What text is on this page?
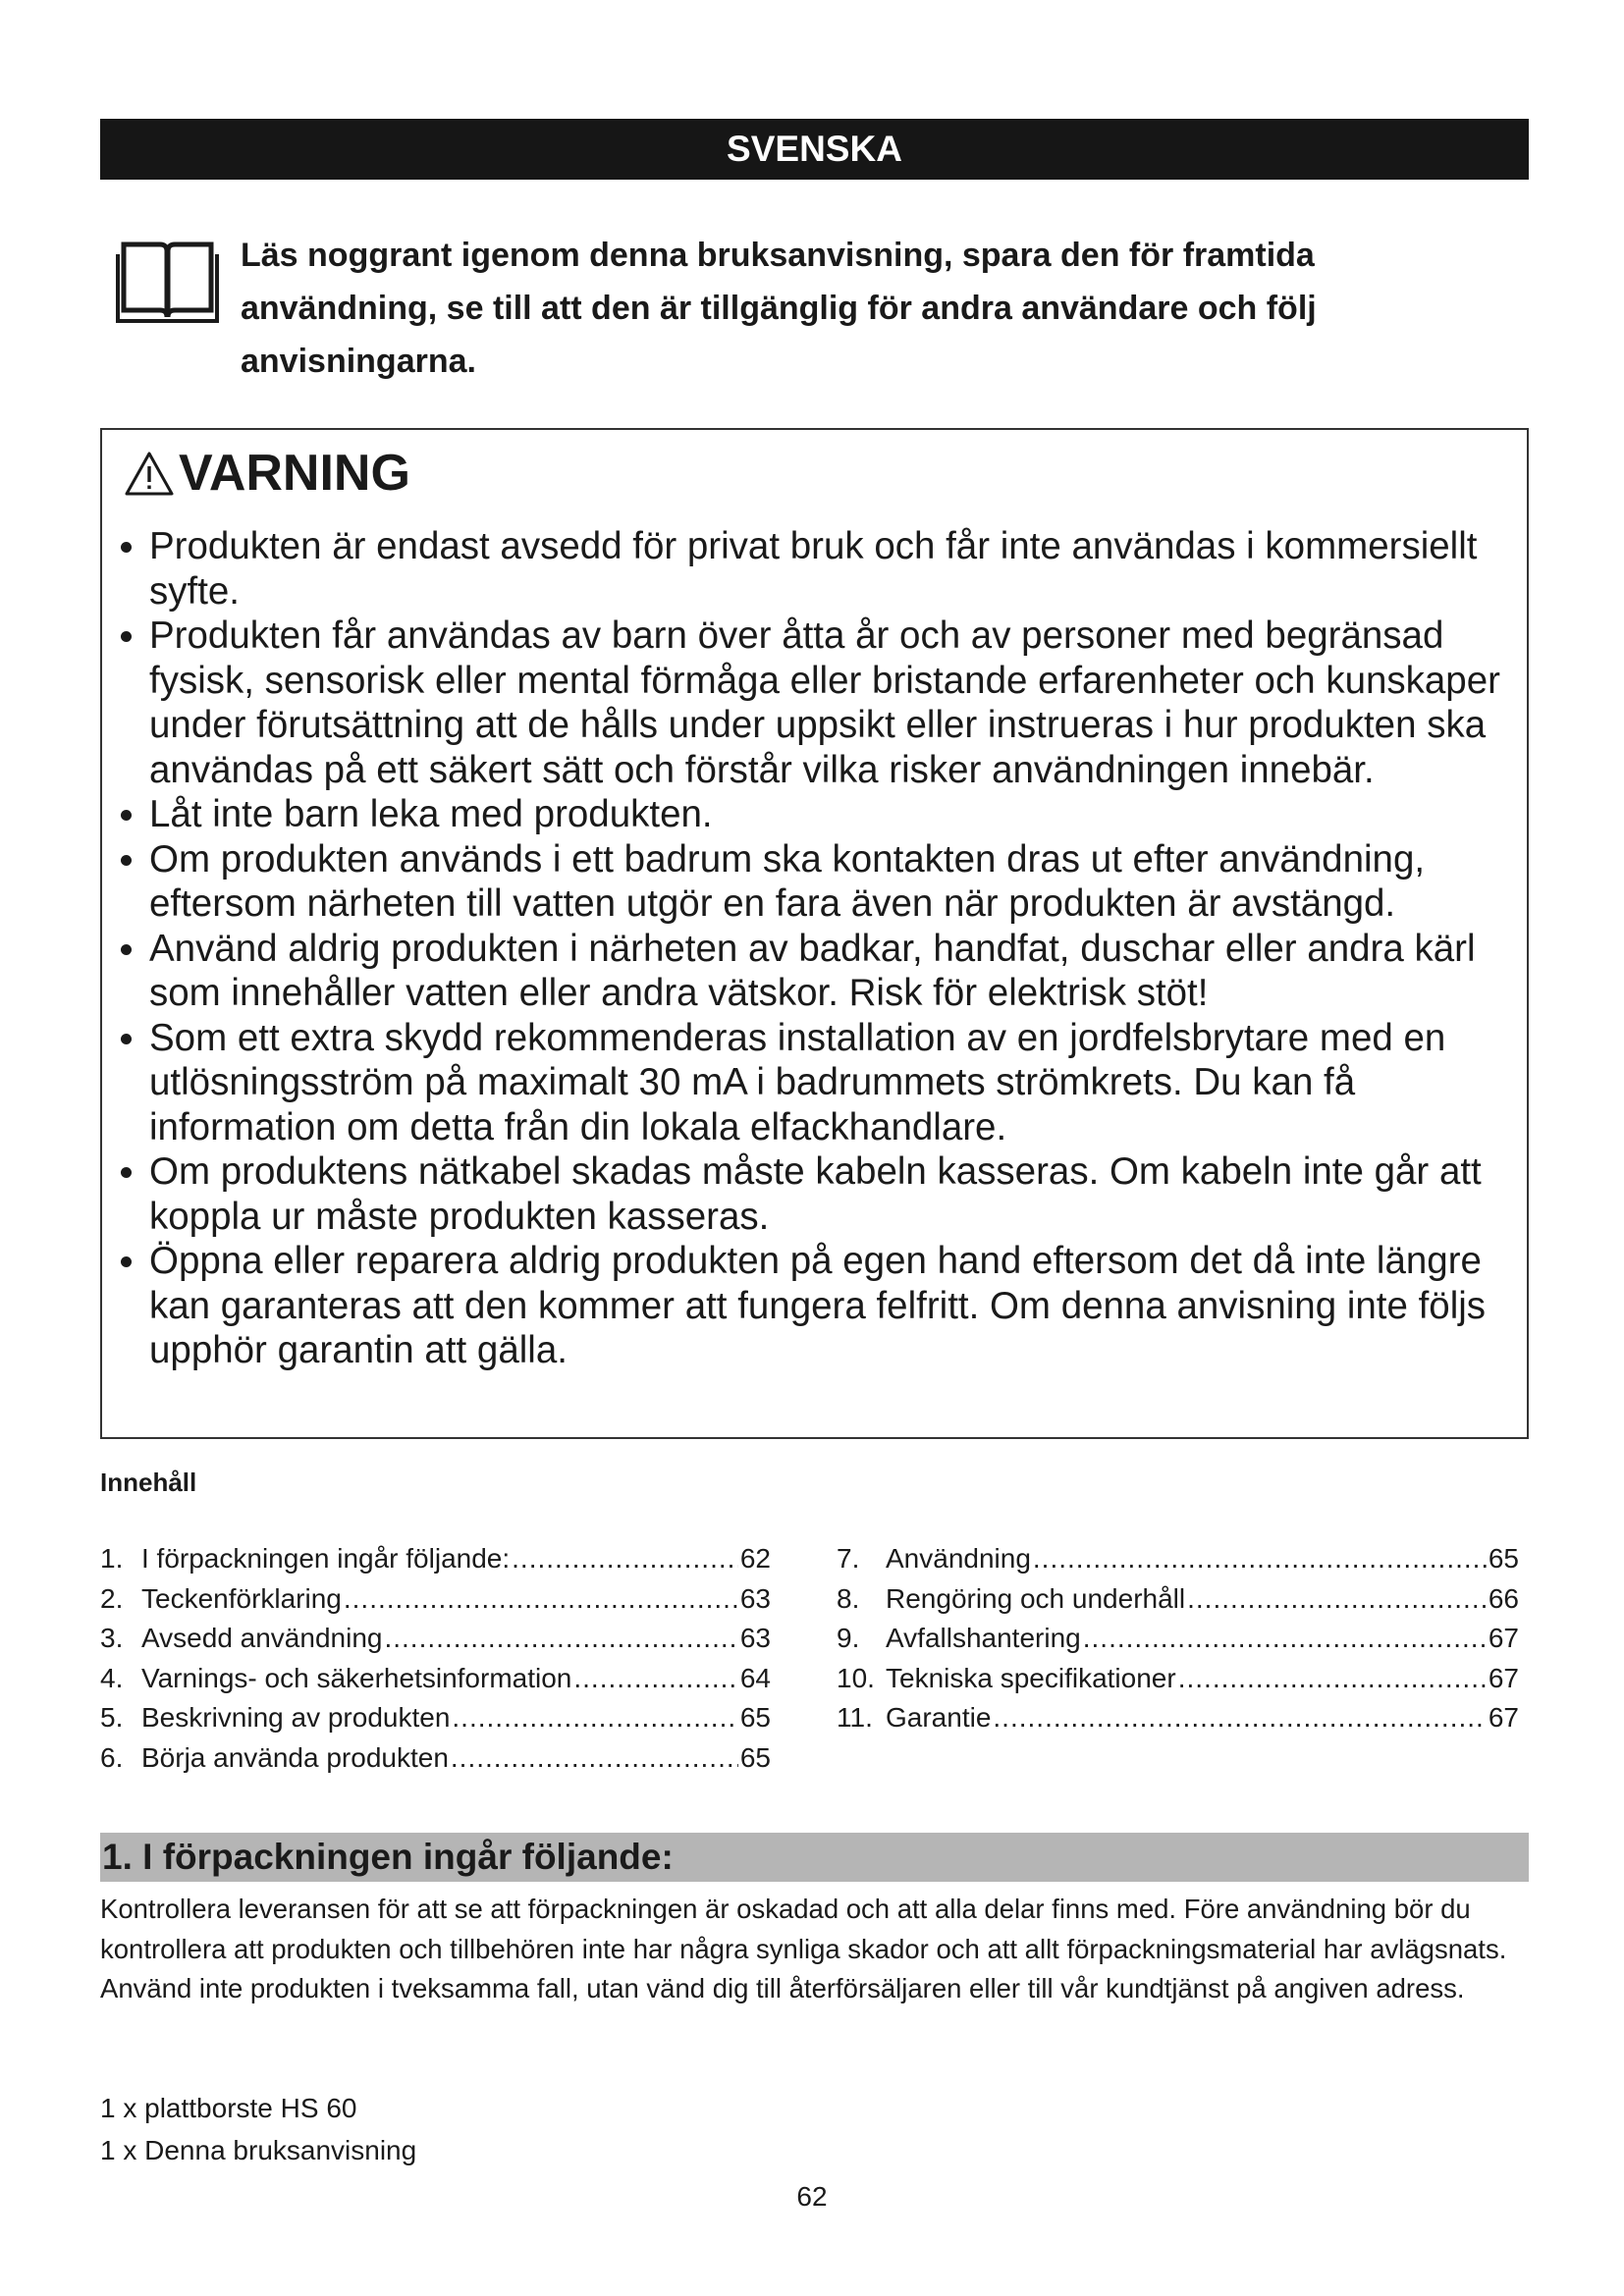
SVENSKA

Läs noggrant igenom denna bruksanvisning, spara den för framtida användning, se till att den är tillgänglig för andra användare och följ anvisningarna.

VARNING
Produkten är endast avsedd för privat bruk och får inte användas i kommersiellt syfte.
Produkten får användas av barn över åtta år och av personer med begränsad fysisk, sensorisk eller mental förmåga eller bristande erfarenheter och kunskaper under förutsättning att de hålls under uppsikt eller instrueras i hur produkten ska användas på ett säkert sätt och förstår vilka risker användningen innebär.
Låt inte barn leka med produkten.
Om produkten används i ett badrum ska kontakten dras ut efter användning, eftersom närheten till vatten utgör en fara även när produkten är avstängd.
Använd aldrig produkten i närheten av badkar, handfat, duschar eller andra kärl som innehåller vatten eller andra vätskor. Risk för elektrisk stöt!
Som ett extra skydd rekommenderas installation av en jordfelsbrytare med en utlösningsström på maximalt 30 mA i badrummets strömkrets. Du kan få information om detta från din lokala elfackhandlare.
Om produktens nätkabel skadas måste kabeln kasseras. Om kabeln inte går att koppla ur måste produkten kasseras.
Öppna eller reparera aldrig produkten på egen hand eftersom det då inte längre kan garanteras att den kommer att fungera felfritt. Om denna anvisning inte följs upphör garantin att gälla.
Innehåll
1. I förpackningen ingår följande: .....	62
2. Teckenförklaring .....	63
3. Avsedd användning .....	63
4. Varnings- och säkerhetsinformation .....	64
5. Beskrivning av produkten .....	65
6. Börja använda produkten .....	65
7. Användning .....	65
8. Rengöring och underhåll .....	66
9. Avfallshantering .....	67
10. Tekniska specifikationer .....	67
11. Garantie .....	67
1. I förpackningen ingår följande:

Kontrollera leveransen för att se att förpackningen är oskadad och att alla delar finns med. Före användning bör du kontrollera att produkten och tillbehören inte har några synliga skador och att allt förpackningsmaterial har avlägsnats. Använd inte produkten i tveksamma fall, utan vänd dig till återförsäljaren eller till vår kundtjänst på angiven adress.

1 x plattborste HS 60
1 x Denna bruksanvisning

62
